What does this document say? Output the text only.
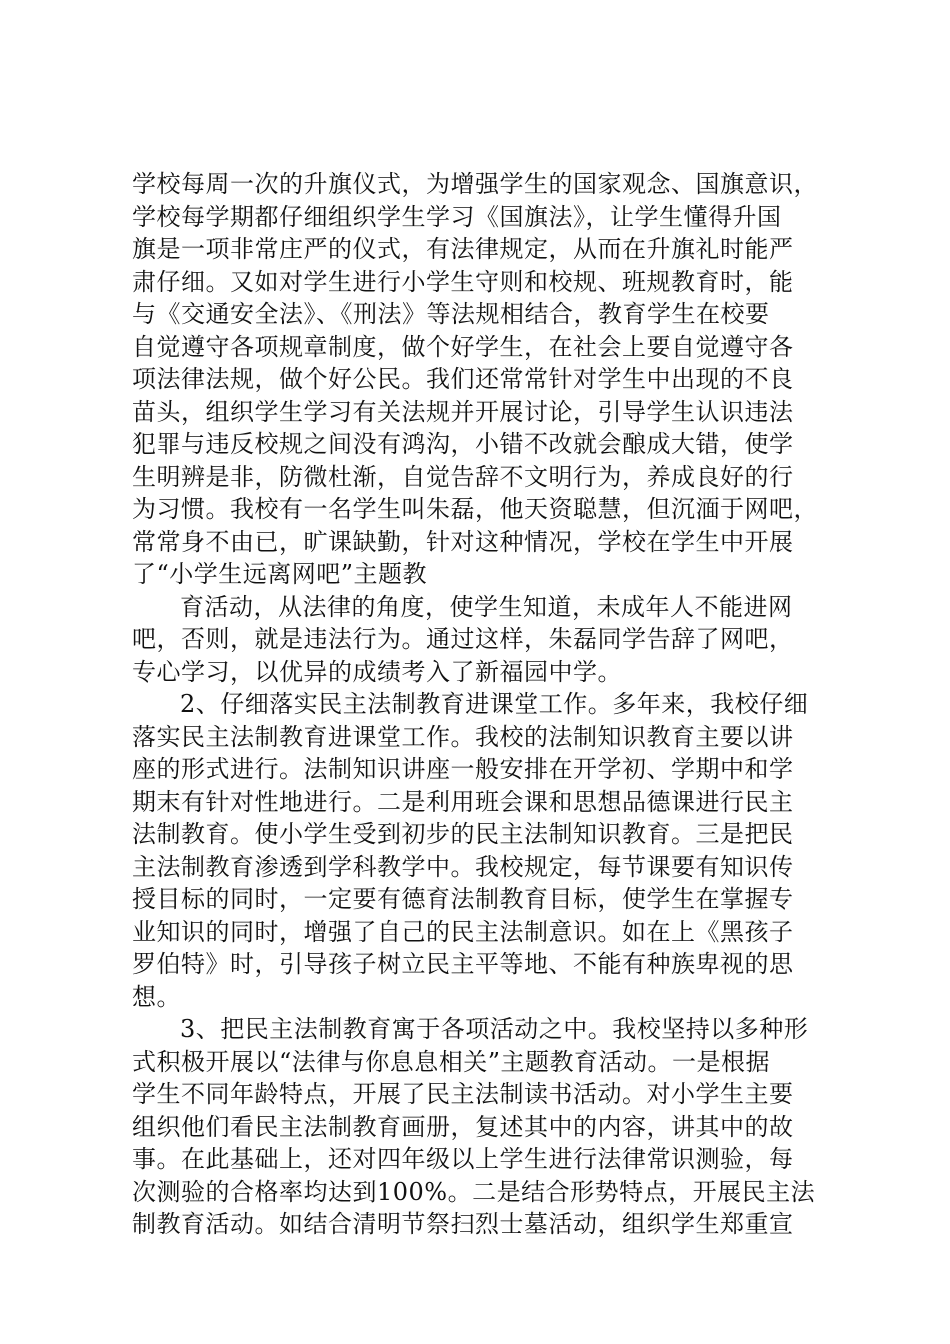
学校每周一次的升旗仪式，为增强学生的国家观念、国旗意识，
学校每学期都仔细组织学生学习《国旗法》，让学生懂得升国
旗是一项非常庄严的仪式，有法律规定，从而在升旗礼时能严
肃仔细。又如对学生进行小学生守则和校规、班规教育时，能
与《交通安全法》、《刑法》等法规相结合，教育学生在校要
自觉遵守各项规章制度，做个好学生，在社会上要自觉遵守各
项法律法规，做个好公民。我们还常常针对学生中出现的不良
苗头，组织学生学习有关法规并开展讨论，引导学生认识违法
犯罪与违反校规之间没有鸿沟，小错不改就会酿成大错，使学
生明辨是非，防微杜渐，自觉告辞不文明行为，养成良好的行
为习惯。我校有一名学生叫朱磊，他天资聪慧，但沉湎于网吧，
常常身不由已，旷课缺勤，针对这种情况，学校在学生中开展
了“小学生远离网吧”主题教
育活动，从法律的角度，使学生知道，未成年人不能进网
吧，否则，就是违法行为。通过这样，朱磊同学告辞了网吧，
专心学习，以优异的成绩考入了新福园中学。
2、仔细落实民主法制教育进课堂工作。多年来，我校仔细
落实民主法制教育进课堂工作。我校的法制知识教育主要以讲
座的形式进行。法制知识讲座一般安排在开学初、学期中和学
期末有针对性地进行。二是利用班会课和思想品德课进行民主
法制教育。使小学生受到初步的民主法制知识教育。三是把民
主法制教育渗透到学科教学中。我校规定，每节课要有知识传
授目标的同时，一定要有德育法制教育目标，使学生在掌握专
业知识的同时，增强了自己的民主法制意识。如在上《黑孩子
罗伯特》时，引导孩子树立民主平等地、不能有种族卑视的思
想。
3、把民主法制教育寓于各项活动之中。我校坚持以多种形
式积极开展以“法律与你息息相关”主题教育活动。一是根据
学生不同年龄特点，开展了民主法制读书活动。对小学生主要
组织他们看民主法制教育画册，复述其中的内容，讲其中的故
事。在此基础上，还对四年级以上学生进行法律常识测验，每
次测验的合格率均达到100%。二是结合形势特点，开展民主法
制教育活动。如结合清明节祭扫烈士墓活动，组织学生郑重宣
